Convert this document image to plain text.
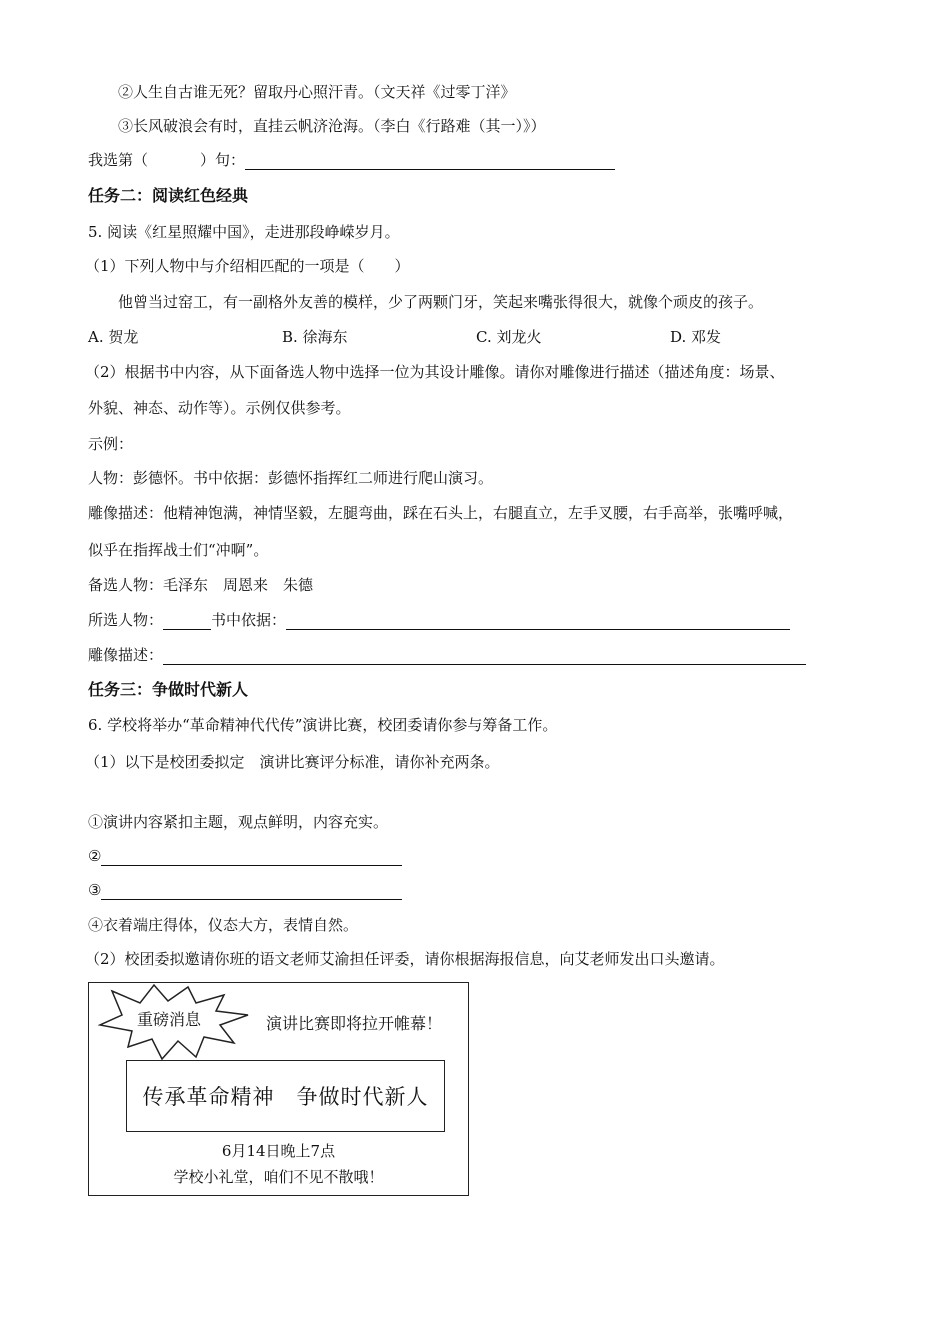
②人生自古谁无死？留取丹心照汗青。（文天祥《过零丁洋》
③长风破浪会有时，直挂云帆济沧海。（李白《行路难（其一）》）
我选第（	）句：
任务二：阅读红色经典
5. 阅读《红星照耀中国》，走进那段峥嵘岁月。
（1）下列人物中与介绍相匹配的一项是（　　）
他曾当过窑工，有一副格外友善的模样，少了两颗门牙，笑起来嘴张得很大，就像个顽皮的孩子。
A. 贺龙	B. 徐海东	C. 刘龙火	D. 邓发
（2）根据书中内容，从下面备选人物中选择一位为其设计雕像。请你对雕像进行描述（描述角度：场景、
外貌、神态、动作等）。示例仅供参考。
示例：
人物：彭德怀。书中依据：彭德怀指挥红二师进行爬山演习。
雕像描述：他精神饱满，神情坚毅，左腿弯曲，踩在石头上，右腿直立，左手叉腰，右手高举，张嘴呼喊，
似乎在指挥战士们“冲啊”。
备选人物：毛泽东　周恩来　朱德
所选人物：	书中依据：
雕像描述：
任务三：争做时代新人
6. 学校将举办“革命精神代代传”演讲比赛，校团委请你参与筹备工作。
（1）以下是校团委拟定　演讲比赛评分标准，请你补充两条。
①演讲内容紧扣主题，观点鲜明，内容充实。
②
③
④衣着端庄得体，仪态大方，表情自然。
（2）校团委拟邀请你班的语文老师艾渝担任评委，请你根据海报信息，向艾老师发出口头邀请。
重磅消息	演讲比赛即将拉开帷幕！
传承革命精神　争做时代新人
6月14日晚上7点
学校小礼堂，咱们不见不散哦！
